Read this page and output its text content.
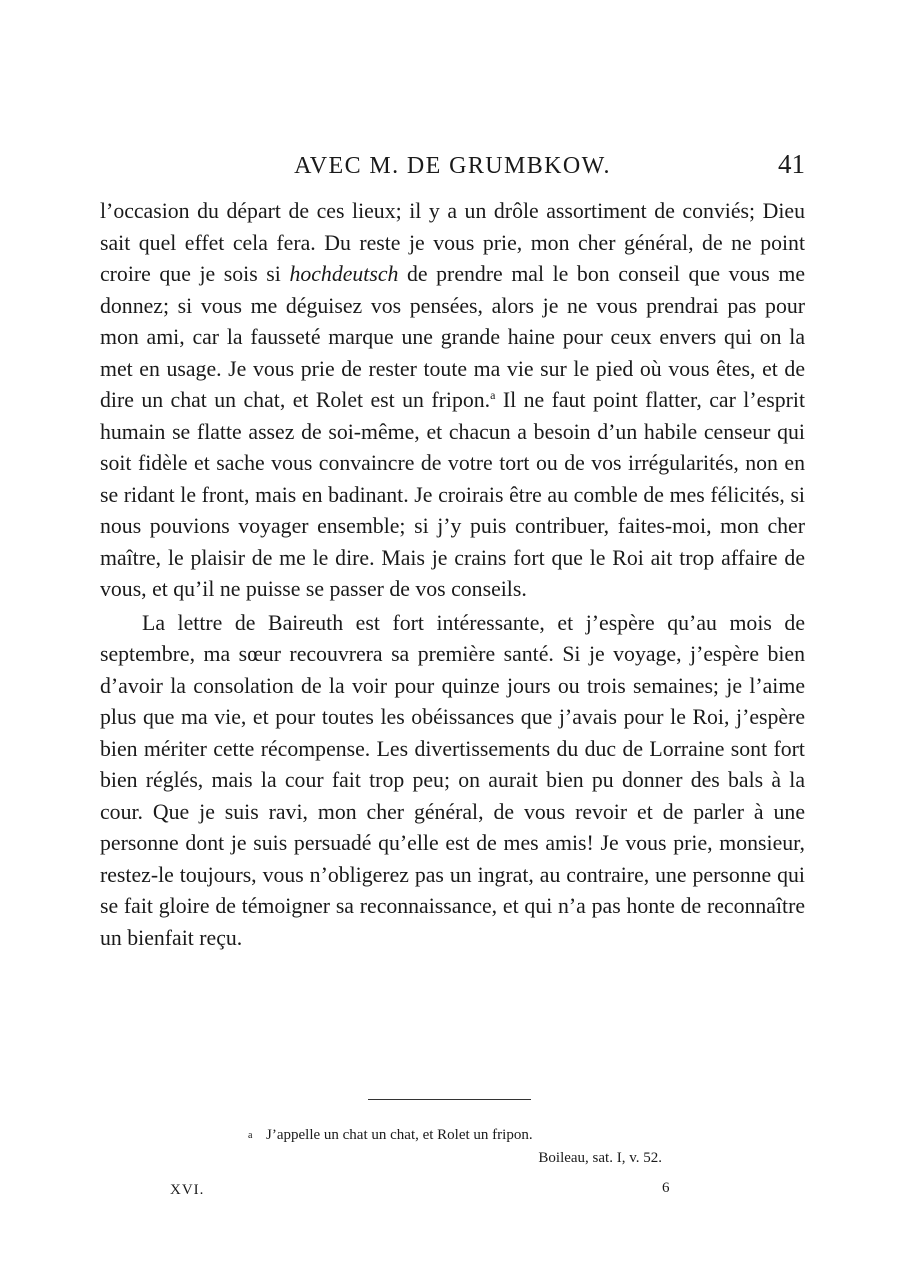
AVEC M. DE GRUMBKOW.	41

l’occasion du départ de ces lieux; il y a un drôle assortiment de conviés; Dieu sait quel effet cela fera. Du reste je vous prie, mon cher général, de ne point croire que je sois si hochdeutsch de prendre mal le bon conseil que vous me donnez; si vous me déguisez vos pensées, alors je ne vous prendrai pas pour mon ami, car la fausseté marque une grande haine pour ceux envers qui on la met en usage. Je vous prie de rester toute ma vie sur le pied où vous êtes, et de dire un chat un chat, et Rolet est un fripon.$^a$ Il ne faut point flatter, car l’esprit humain se flatte assez de soi-même, et chacun a besoin d’un habile censeur qui soit fidèle et sache vous convaincre de votre tort ou de vos irrégularités, non en se ridant le front, mais en badinant. Je croirais être au comble de mes félicités, si nous pouvions voyager ensemble; si j’y puis contribuer, faites-moi, mon cher maître, le plaisir de me le dire. Mais je crains fort que le Roi ait trop affaire de vous, et qu’il ne puisse se passer de vos conseils.

La lettre de Baireuth est fort intéressante, et j’espère qu’au mois de septembre, ma sœur recouvrera sa première santé. Si je voyage, j’espère bien d’avoir la consolation de la voir pour quinze jours ou trois semaines; je l’aime plus que ma vie, et pour toutes les obéissances que j’avais pour le Roi, j’espère bien mériter cette récompense. Les divertissements du duc de Lorraine sont fort bien réglés, mais la cour fait trop peu; on aurait bien pu donner des bals à la cour. Que je suis ravi, mon cher général, de vous revoir et de parler à une personne dont je suis persuadé qu’elle est de mes amis! Je vous prie, monsieur, restez-le toujours, vous n’obligerez pas un ingrat, au contraire, une personne qui se fait gloire de témoigner sa reconnaissance, et qui n’a pas honte de reconnaître un bienfait reçu.

a J’appelle un chat un chat, et Rolet un fripon.
Boileau, sat. I, v. 52.
XVI.	6
